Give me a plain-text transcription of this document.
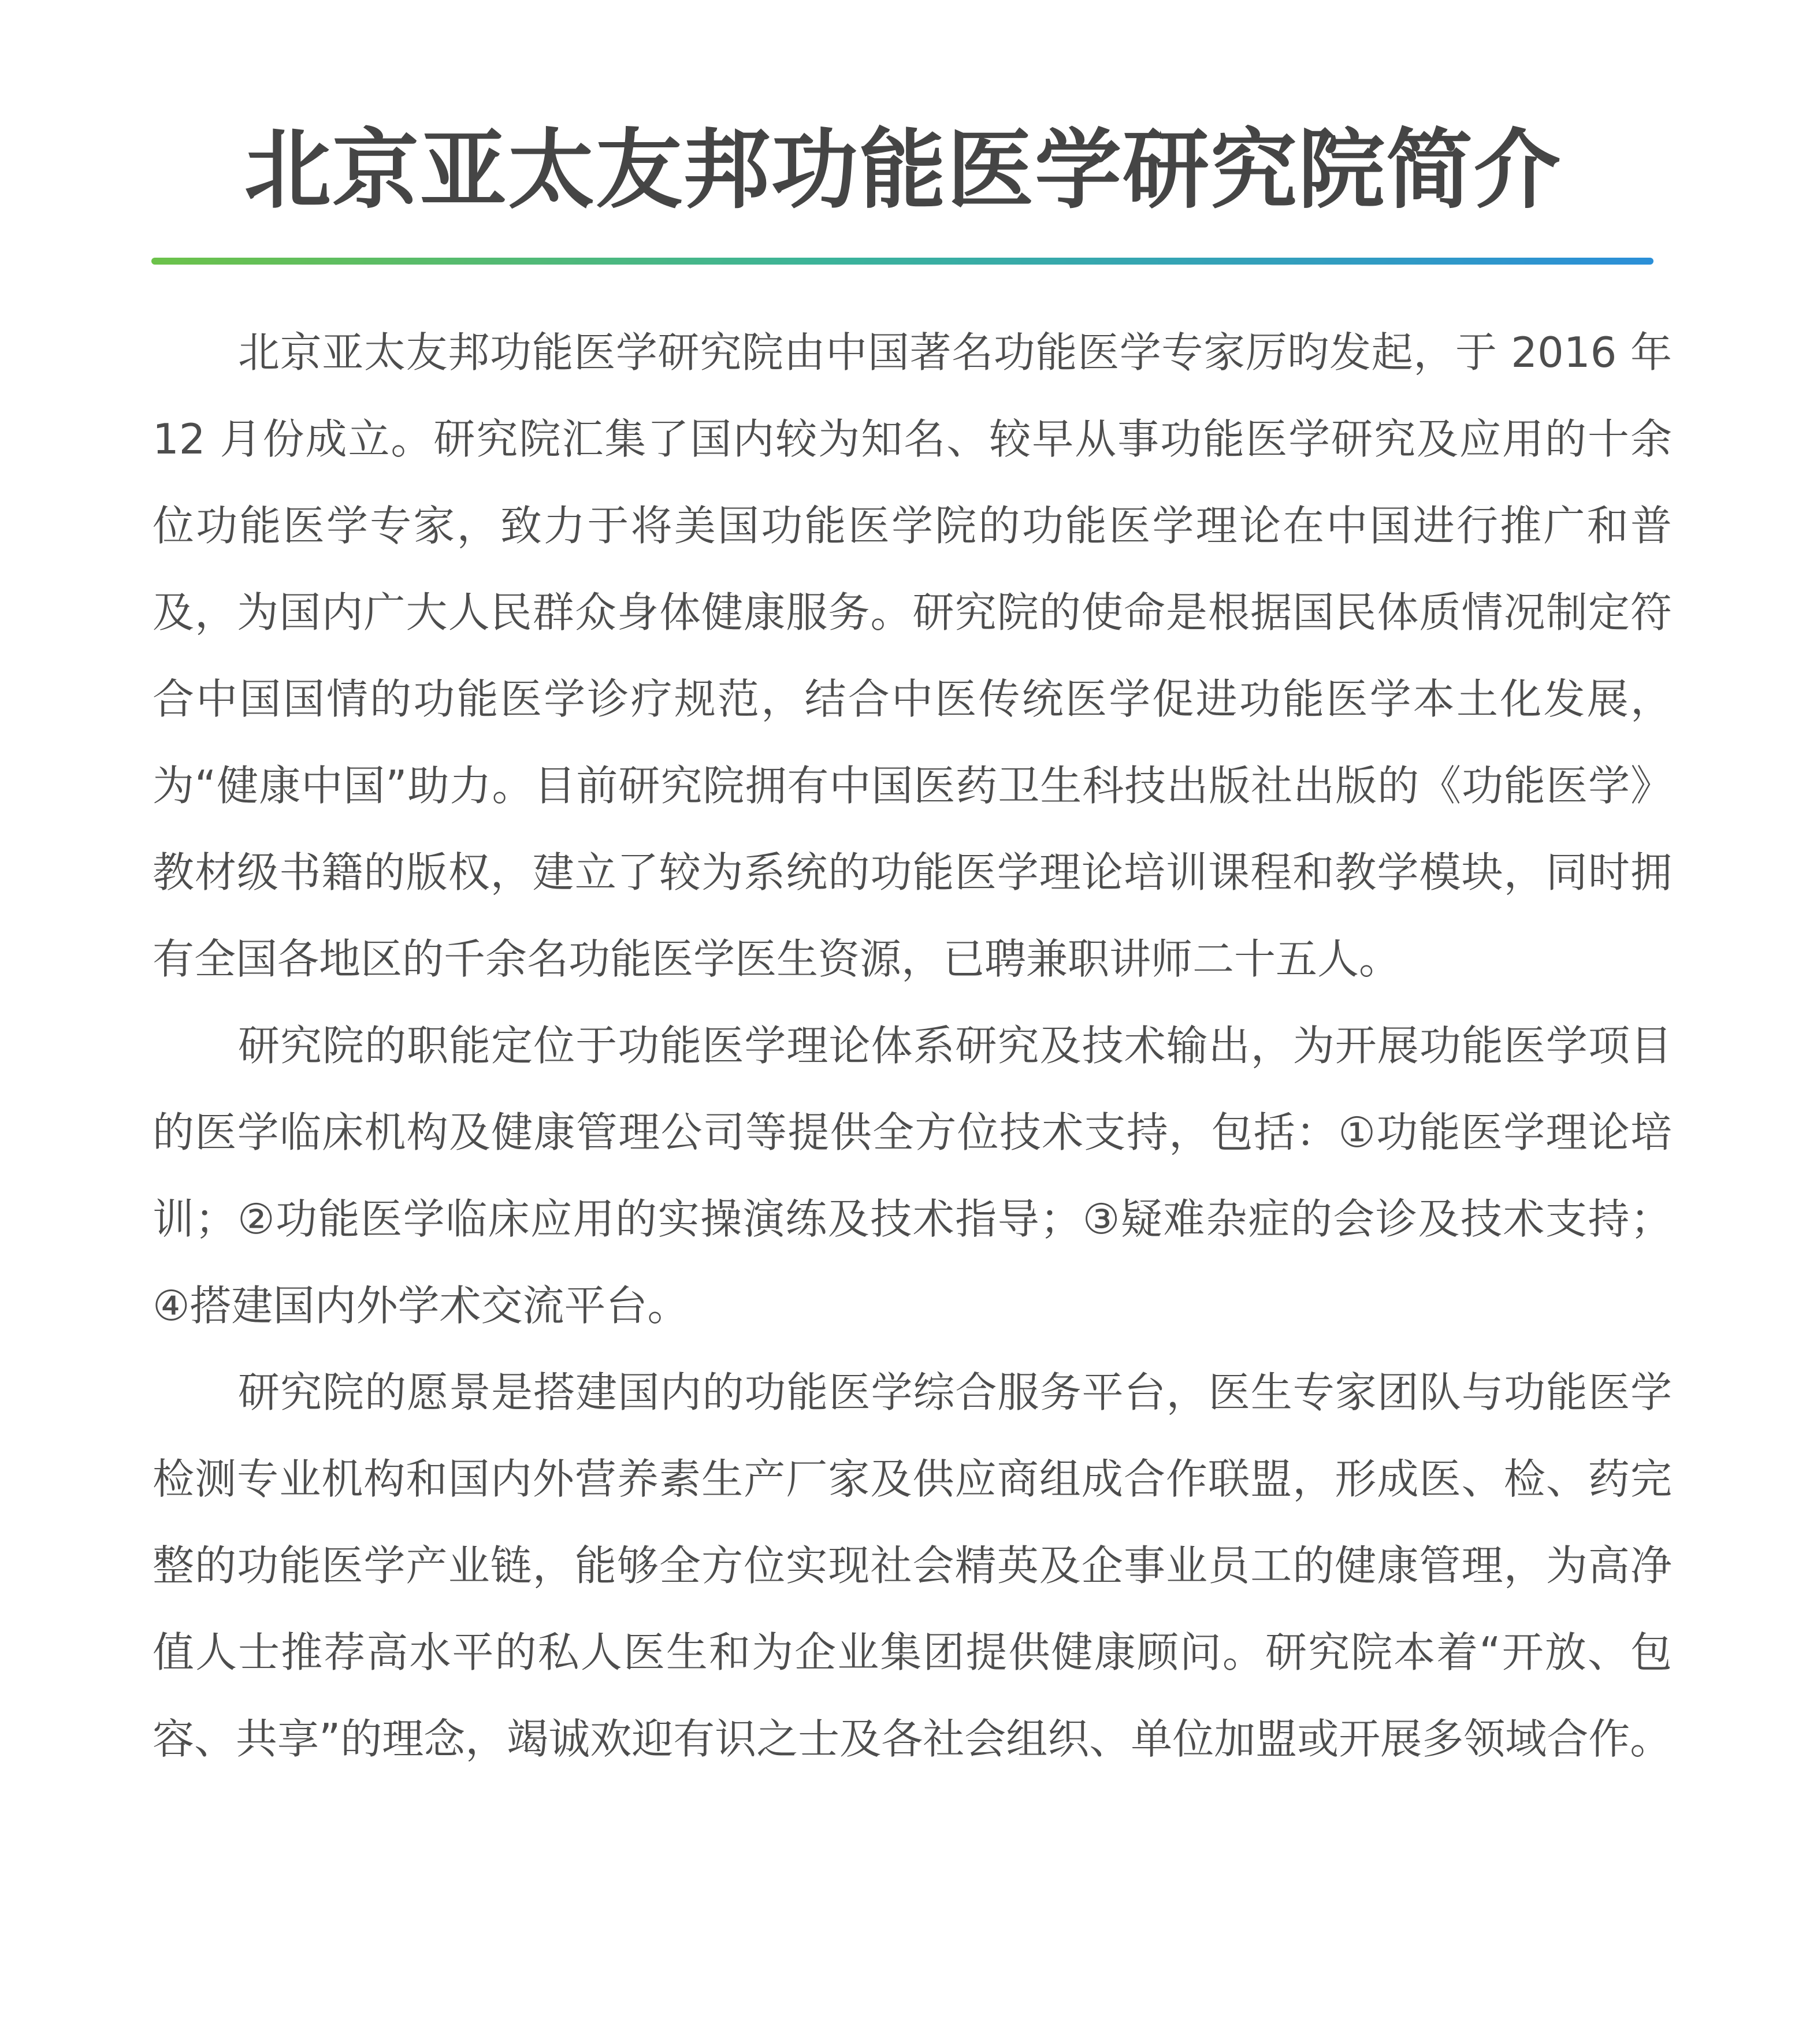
北京亚太友邦功能医学研究院简介

北京亚太友邦功能医学研究院由中国著名功能医学专家厉昀发起，于 2016 年 12 月份成立。研究院汇集了国内较为知名、较早从事功能医学研究及应用的十余位功能医学专家，致力于将美国功能医学院的功能医学理论在中国进行推广和普及，为国内广大人民群众身体健康服务。研究院的使命是根据国民体质情况制定符合中国国情的功能医学诊疗规范，结合中医传统医学促进功能医学本土化发展，为“健康中国”助力。目前研究院拥有中国医药卫生科技出版社出版的《功能医学》教材级书籍的版权，建立了较为系统的功能医学理论培训课程和教学模块，同时拥有全国各地区的千余名功能医学医生资源，已聘兼职讲师二十五人。

研究院的职能定位于功能医学理论体系研究及技术输出，为开展功能医学项目的医学临床机构及健康管理公司等提供全方位技术支持，包括：①功能医学理论培训；②功能医学临床应用的实操演练及技术指导；③疑难杂症的会诊及技术支持；④搭建国内外学术交流平台。

研究院的愿景是搭建国内的功能医学综合服务平台，医生专家团队与功能医学检测专业机构和国内外营养素生产厂家及供应商组成合作联盟，形成医、检、药完整的功能医学产业链，能够全方位实现社会精英及企事业员工的健康管理，为高净值人士推荐高水平的私人医生和为企业集团提供健康顾问。研究院本着“开放、包容、共享”的理念，竭诚欢迎有识之士及各社会组织、单位加盟或开展多领域合作。
